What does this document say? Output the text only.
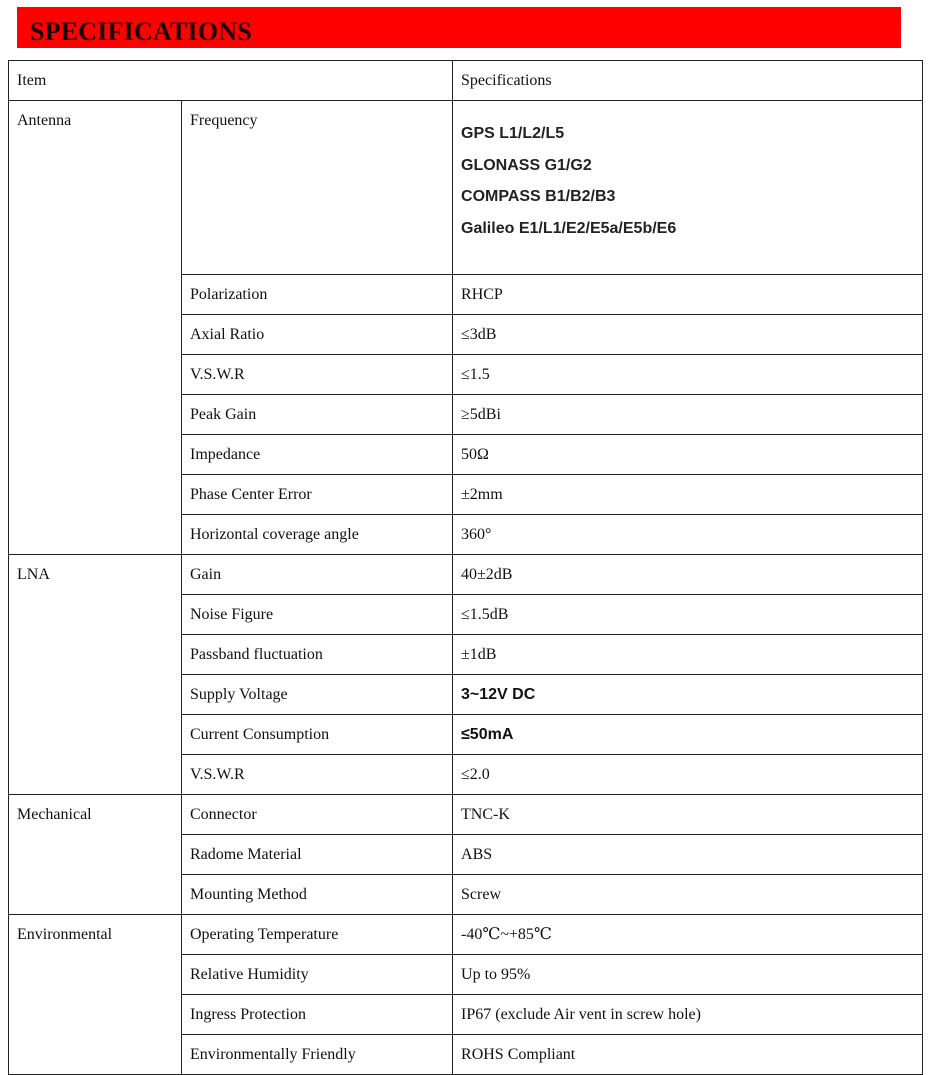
SPECIFICATIONS
Item		Specifications
Antenna	Frequency	GPS L1/L2/L5
GLONASS G1/G2
COMPASS B1/B2/B3
Galileo E1/L1/E2/E5a/E5b/E6

	Polarization	RHCP
	Axial Ratio	≤3dB
	V.S.W.R	≤1.5
	Peak Gain	≥5dBi
	Impedance	50Ω
	Phase Center Error	±2mm
	Horizontal coverage angle	360°
LNA	Gain	40±2dB
	Noise Figure	≤1.5dB
	Passband fluctuation	±1dB
	Supply Voltage	3~12V DC
	Current Consumption	≤50mA
	V.S.W.R	≤2.0
Mechanical	Connector	TNC-K
	Radome Material	ABS
	Mounting Method	Screw
Environmental	Operating Temperature	-40℃~+85℃
	Relative Humidity	Up to 95%
	Ingress Protection	IP67 (exclude Air vent in screw hole)
	Environmentally Friendly	ROHS Compliant
